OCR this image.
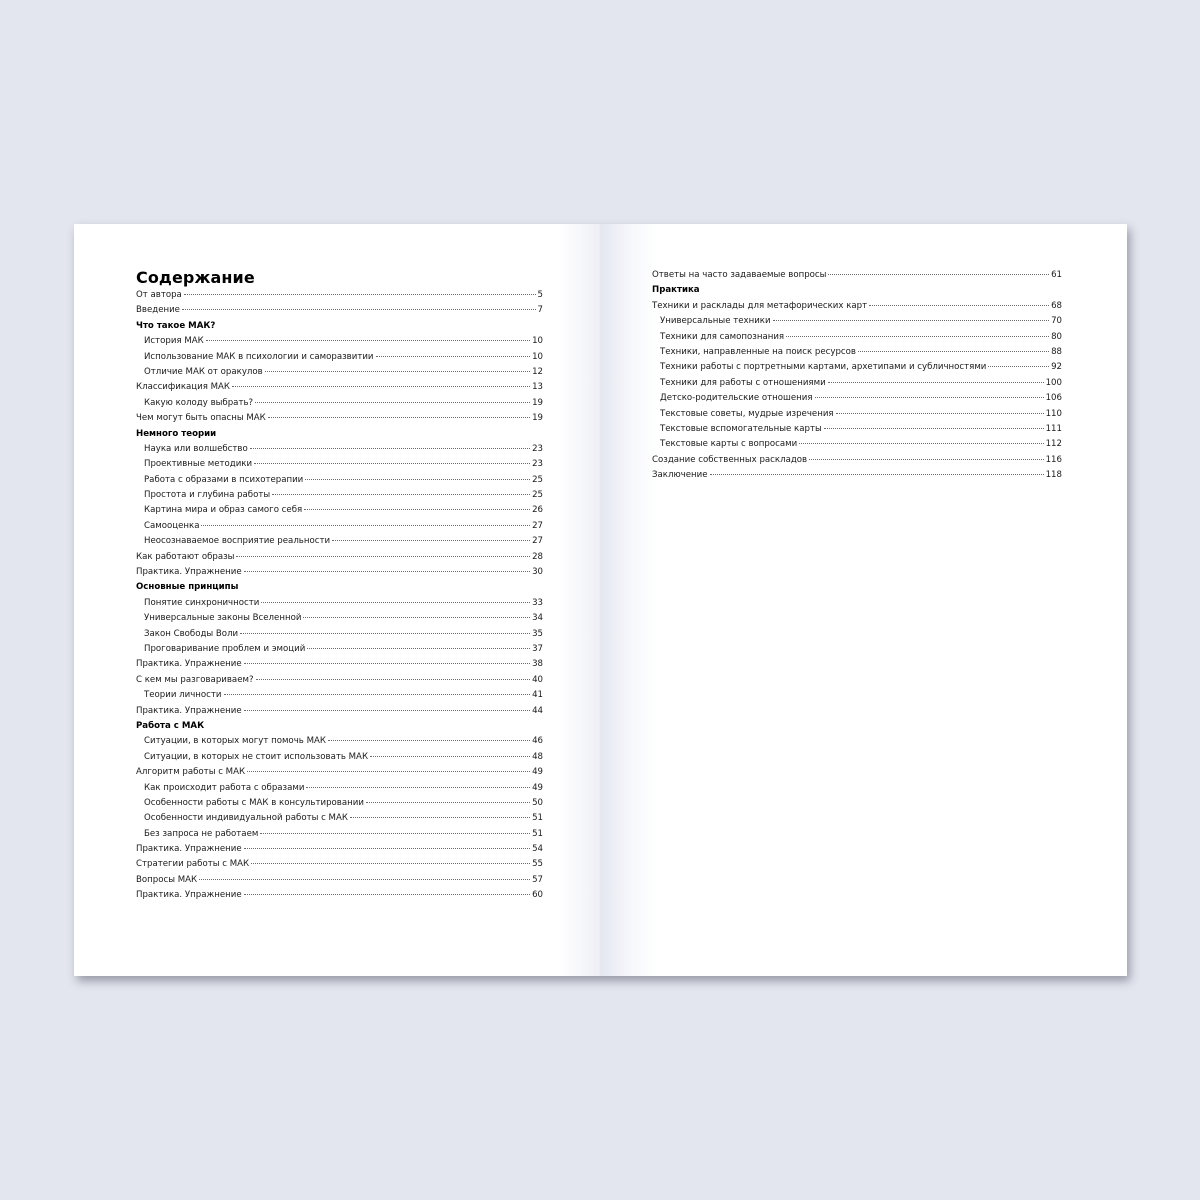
Содержание
От автора	5
Введение	7
Что такое МАК?
История МАК	10
Использование МАК в психологии и саморазвитии	10
Отличие МАК от оракулов	12
Классификация МАК	13
Какую колоду выбрать?	19
Чем могут быть опасны МАК	19
Немного теории
Наука или волшебство	23
Проективные методики	23
Работа с образами в психотерапии	25
Простота и глубина работы	25
Картина мира и образ самого себя	26
Самооценка	27
Неосознаваемое восприятие реальности	27
Как работают образы	28
Практика. Упражнение	30
Основные принципы
Понятие синхроничности	33
Универсальные законы Вселенной	34
Закон Свободы Воли	35
Проговаривание проблем и эмоций	37
Практика. Упражнение	38
С кем мы разговариваем?	40
Теории личности	41
Практика. Упражнение	44
Работа с МАК
Ситуации, в которых могут помочь МАК	46
Ситуации, в которых не стоит использовать МАК	48
Алгоритм работы с МАК	49
Как происходит работа с образами	49
Особенности работы с МАК в консультировании	50
Особенности индивидуальной работы с МАК	51
Без запроса не работаем	51
Практика. Упражнение	54
Стратегии работы с МАК	55
Вопросы МАК	57
Практика. Упражнение	60
Ответы на часто задаваемые вопросы	61
Практика
Техники и расклады для метафорических карт	68
Универсальные техники	70
Техники для самопознания	80
Техники, направленные на поиск ресурсов	88
Техники работы с портретными картами, архетипами и субличностями	92
Техники для работы с отношениями	100
Детско-родительские отношения	106
Текстовые советы, мудрые изречения	110
Текстовые вспомогательные карты	111
Текстовые карты с вопросами	112
Создание собственных раскладов	116
Заключение	118
